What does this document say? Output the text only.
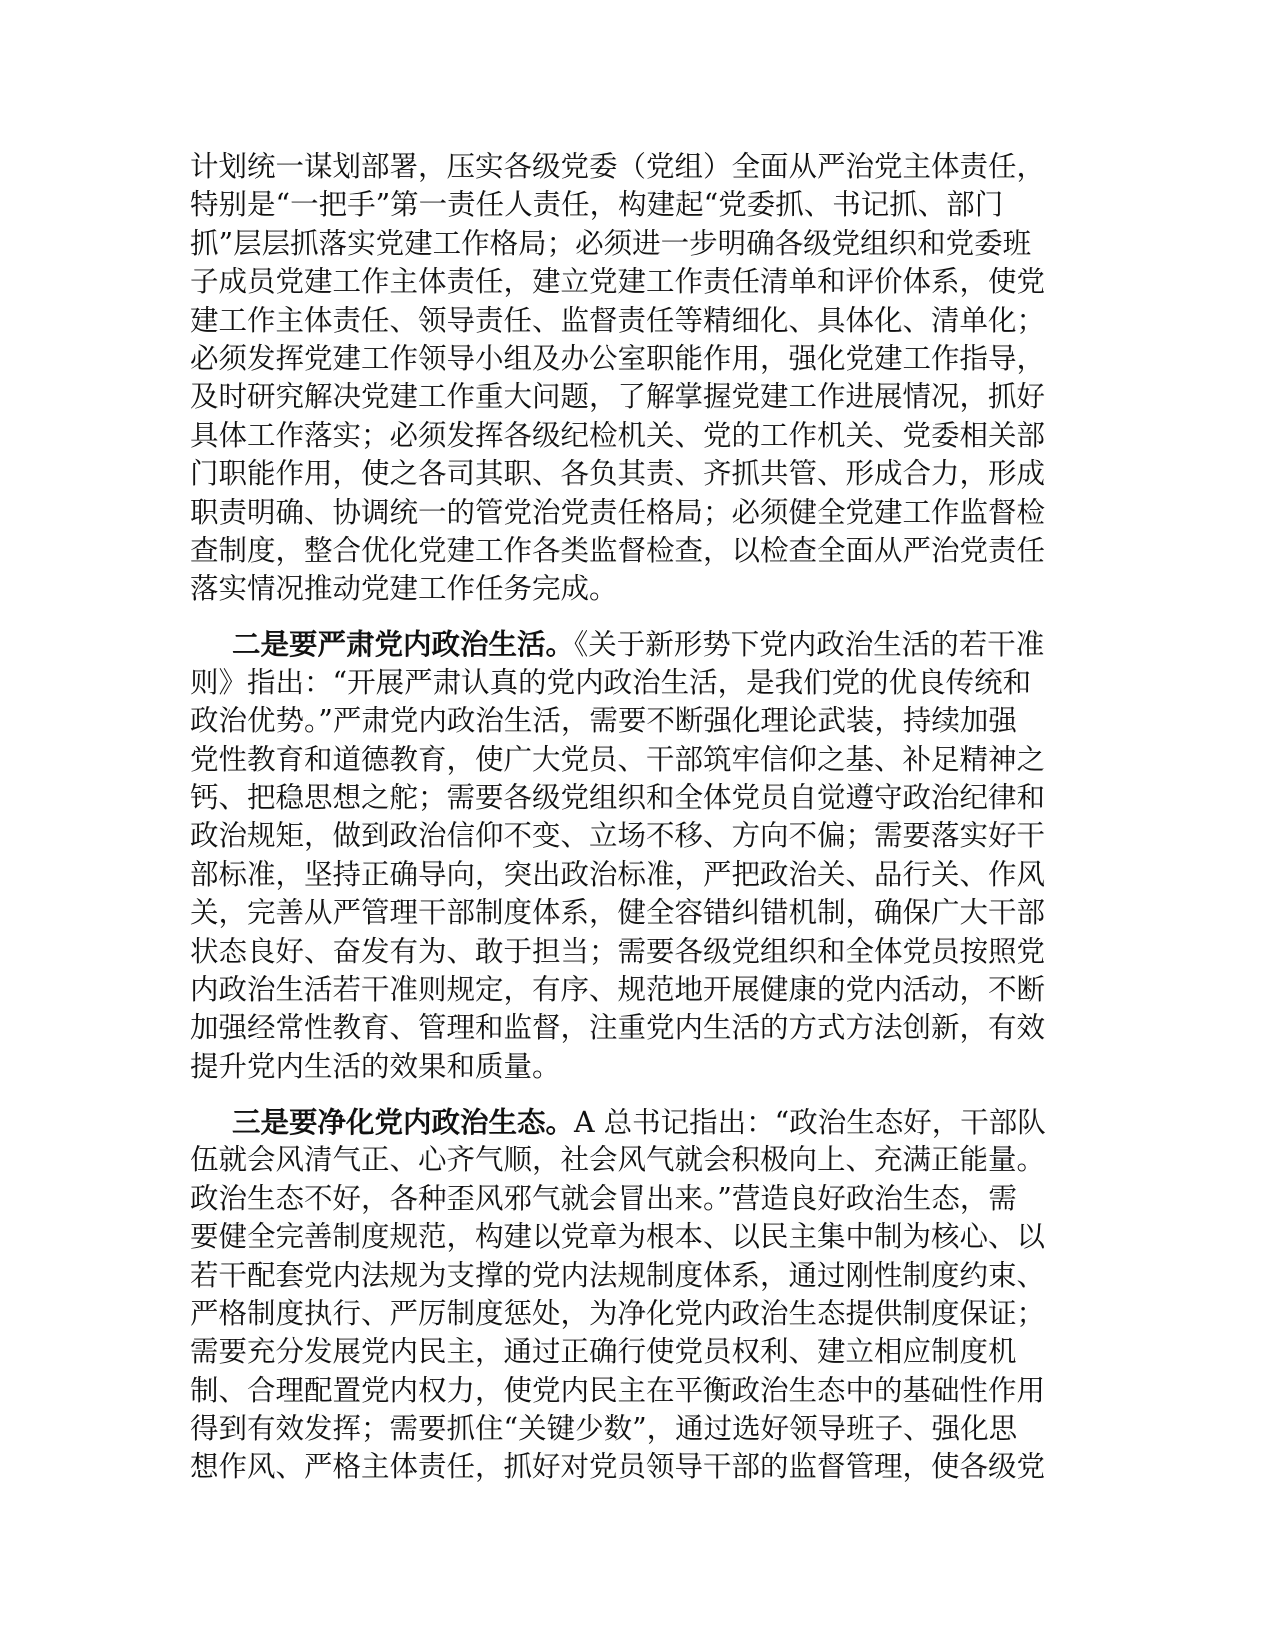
计划统一谋划部署，压实各级党委（党组）全面从严治党主体责任，
特别是“一把手”第一责任人责任，构建起“党委抓、书记抓、部门
抓”层层抓落实党建工作格局；必须进一步明确各级党组织和党委班
子成员党建工作主体责任，建立党建工作责任清单和评价体系，使党
建工作主体责任、领导责任、监督责任等精细化、具体化、清单化；
必须发挥党建工作领导小组及办公室职能作用，强化党建工作指导，
及时研究解决党建工作重大问题，了解掌握党建工作进展情况，抓好
具体工作落实；必须发挥各级纪检机关、党的工作机关、党委相关部
门职能作用，使之各司其职、各负其责、齐抓共管、形成合力，形成
职责明确、协调统一的管党治党责任格局；必须健全党建工作监督检
查制度，整合优化党建工作各类监督检查，以检查全面从严治党责任
落实情况推动党建工作任务完成。

二是要严肃党内政治生活。《关于新形势下党内政治生活的若干准
则》指出：“开展严肃认真的党内政治生活，是我们党的优良传统和
政治优势。”严肃党内政治生活，需要不断强化理论武装，持续加强
党性教育和道德教育，使广大党员、干部筑牢信仰之基、补足精神之
钙、把稳思想之舵；需要各级党组织和全体党员自觉遵守政治纪律和
政治规矩，做到政治信仰不变、立场不移、方向不偏；需要落实好干
部标准，坚持正确导向，突出政治标准，严把政治关、品行关、作风
关，完善从严管理干部制度体系，健全容错纠错机制，确保广大干部
状态良好、奋发有为、敢于担当；需要各级党组织和全体党员按照党
内政治生活若干准则规定，有序、规范地开展健康的党内活动，不断
加强经常性教育、管理和监督，注重党内生活的方式方法创新，有效
提升党内生活的效果和质量。

三是要净化党内政治生态。A 总书记指出：“政治生态好，干部队
伍就会风清气正、心齐气顺，社会风气就会积极向上、充满正能量。
政治生态不好，各种歪风邪气就会冒出来。”营造良好政治生态，需
要健全完善制度规范，构建以党章为根本、以民主集中制为核心、以
若干配套党内法规为支撑的党内法规制度体系，通过刚性制度约束、
严格制度执行、严厉制度惩处，为净化党内政治生态提供制度保证；
需要充分发展党内民主，通过正确行使党员权利、建立相应制度机
制、合理配置党内权力，使党内民主在平衡政治生态中的基础性作用
得到有效发挥；需要抓住“关键少数”，通过选好领导班子、强化思
想作风、严格主体责任，抓好对党员领导干部的监督管理，使各级党
